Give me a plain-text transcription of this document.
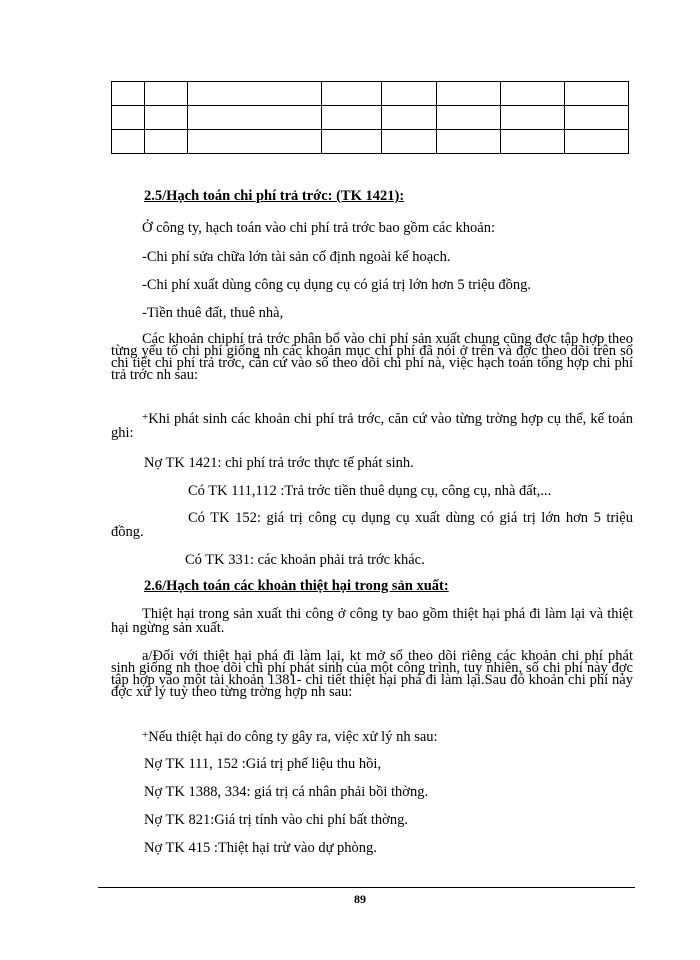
2.5/Hạch toán chi phí trả trớc: (TK 1421):
Ở công ty, hạch toán vào chi phí trả trớc bao gồm các khoản:
-Chi phí sửa chữa lớn tài sản cố định ngoài kế hoạch.
-Chi phí xuất dùng công cụ dụng cụ có giá trị lớn hơn 5 triệu đồng.
-Tiền thuê đất, thuê nhà,
Các khoản chiphí trả trớc phân bổ vào chi phí sản xuất chung cũng đợc tập hợp theo từng yếu tố chi phí giống nh các khoản mục chi phí đã nói ở trên và đợc theo dõi trên sổ chi tiết chi phí trả trớc, căn cứ vào sổ theo dõi chi phí nà, việc hạch toán tổng hợp chi phí trả trớc nh sau:
+Khi phát sinh các khoản chi phí trả trớc, căn cứ vào từng trờng hợp cụ thể, kế toán ghi:
Nợ TK 1421: chi phí trả trớc thực tế phát sinh.
Có TK 111,112 :Trả trớc tiền thuê dụng cụ, công cụ, nhà đất,...
Có TK 152: giá trị công cụ dụng cụ xuất dùng có giá trị lớn hơn 5 triệu đồng.
Có TK 331: các khoản phải trả trớc khác.
2.6/Hạch toán các khoản thiệt hại trong sản xuất:
Thiệt hại trong sản xuất thi công ở công ty bao gồm thiệt hại phá đi làm lại và thiệt hại ngừng sản xuất.
a/Đối với thiệt hại phá đi làm lại, kt mở sổ theo dõi riêng các khoản chi phí phát sinh giống nh thoe dõi chi phí phát sinh của một công trình, tuy nhiên, số chi phí này đợc tập hợp vào một tài khoản 1381- chi tiết thiệt hại phá đi làm lại.Sau đó khoản chi phí này đợc xử lý tuỳ theo từng trờng hợp nh sau:
+Nếu thiệt hại do công ty gây ra, việc xử lý nh sau:
Nợ TK 111, 152 :Giá trị phế liệu thu hồi,
Nợ TK 1388, 334: giá trị cá nhân phải bồi thờng.
Nợ TK 821:Giá trị tính vào chi phí bất thờng.
Nợ TK 415 :Thiệt hại trừ vào dự phòng.
89
